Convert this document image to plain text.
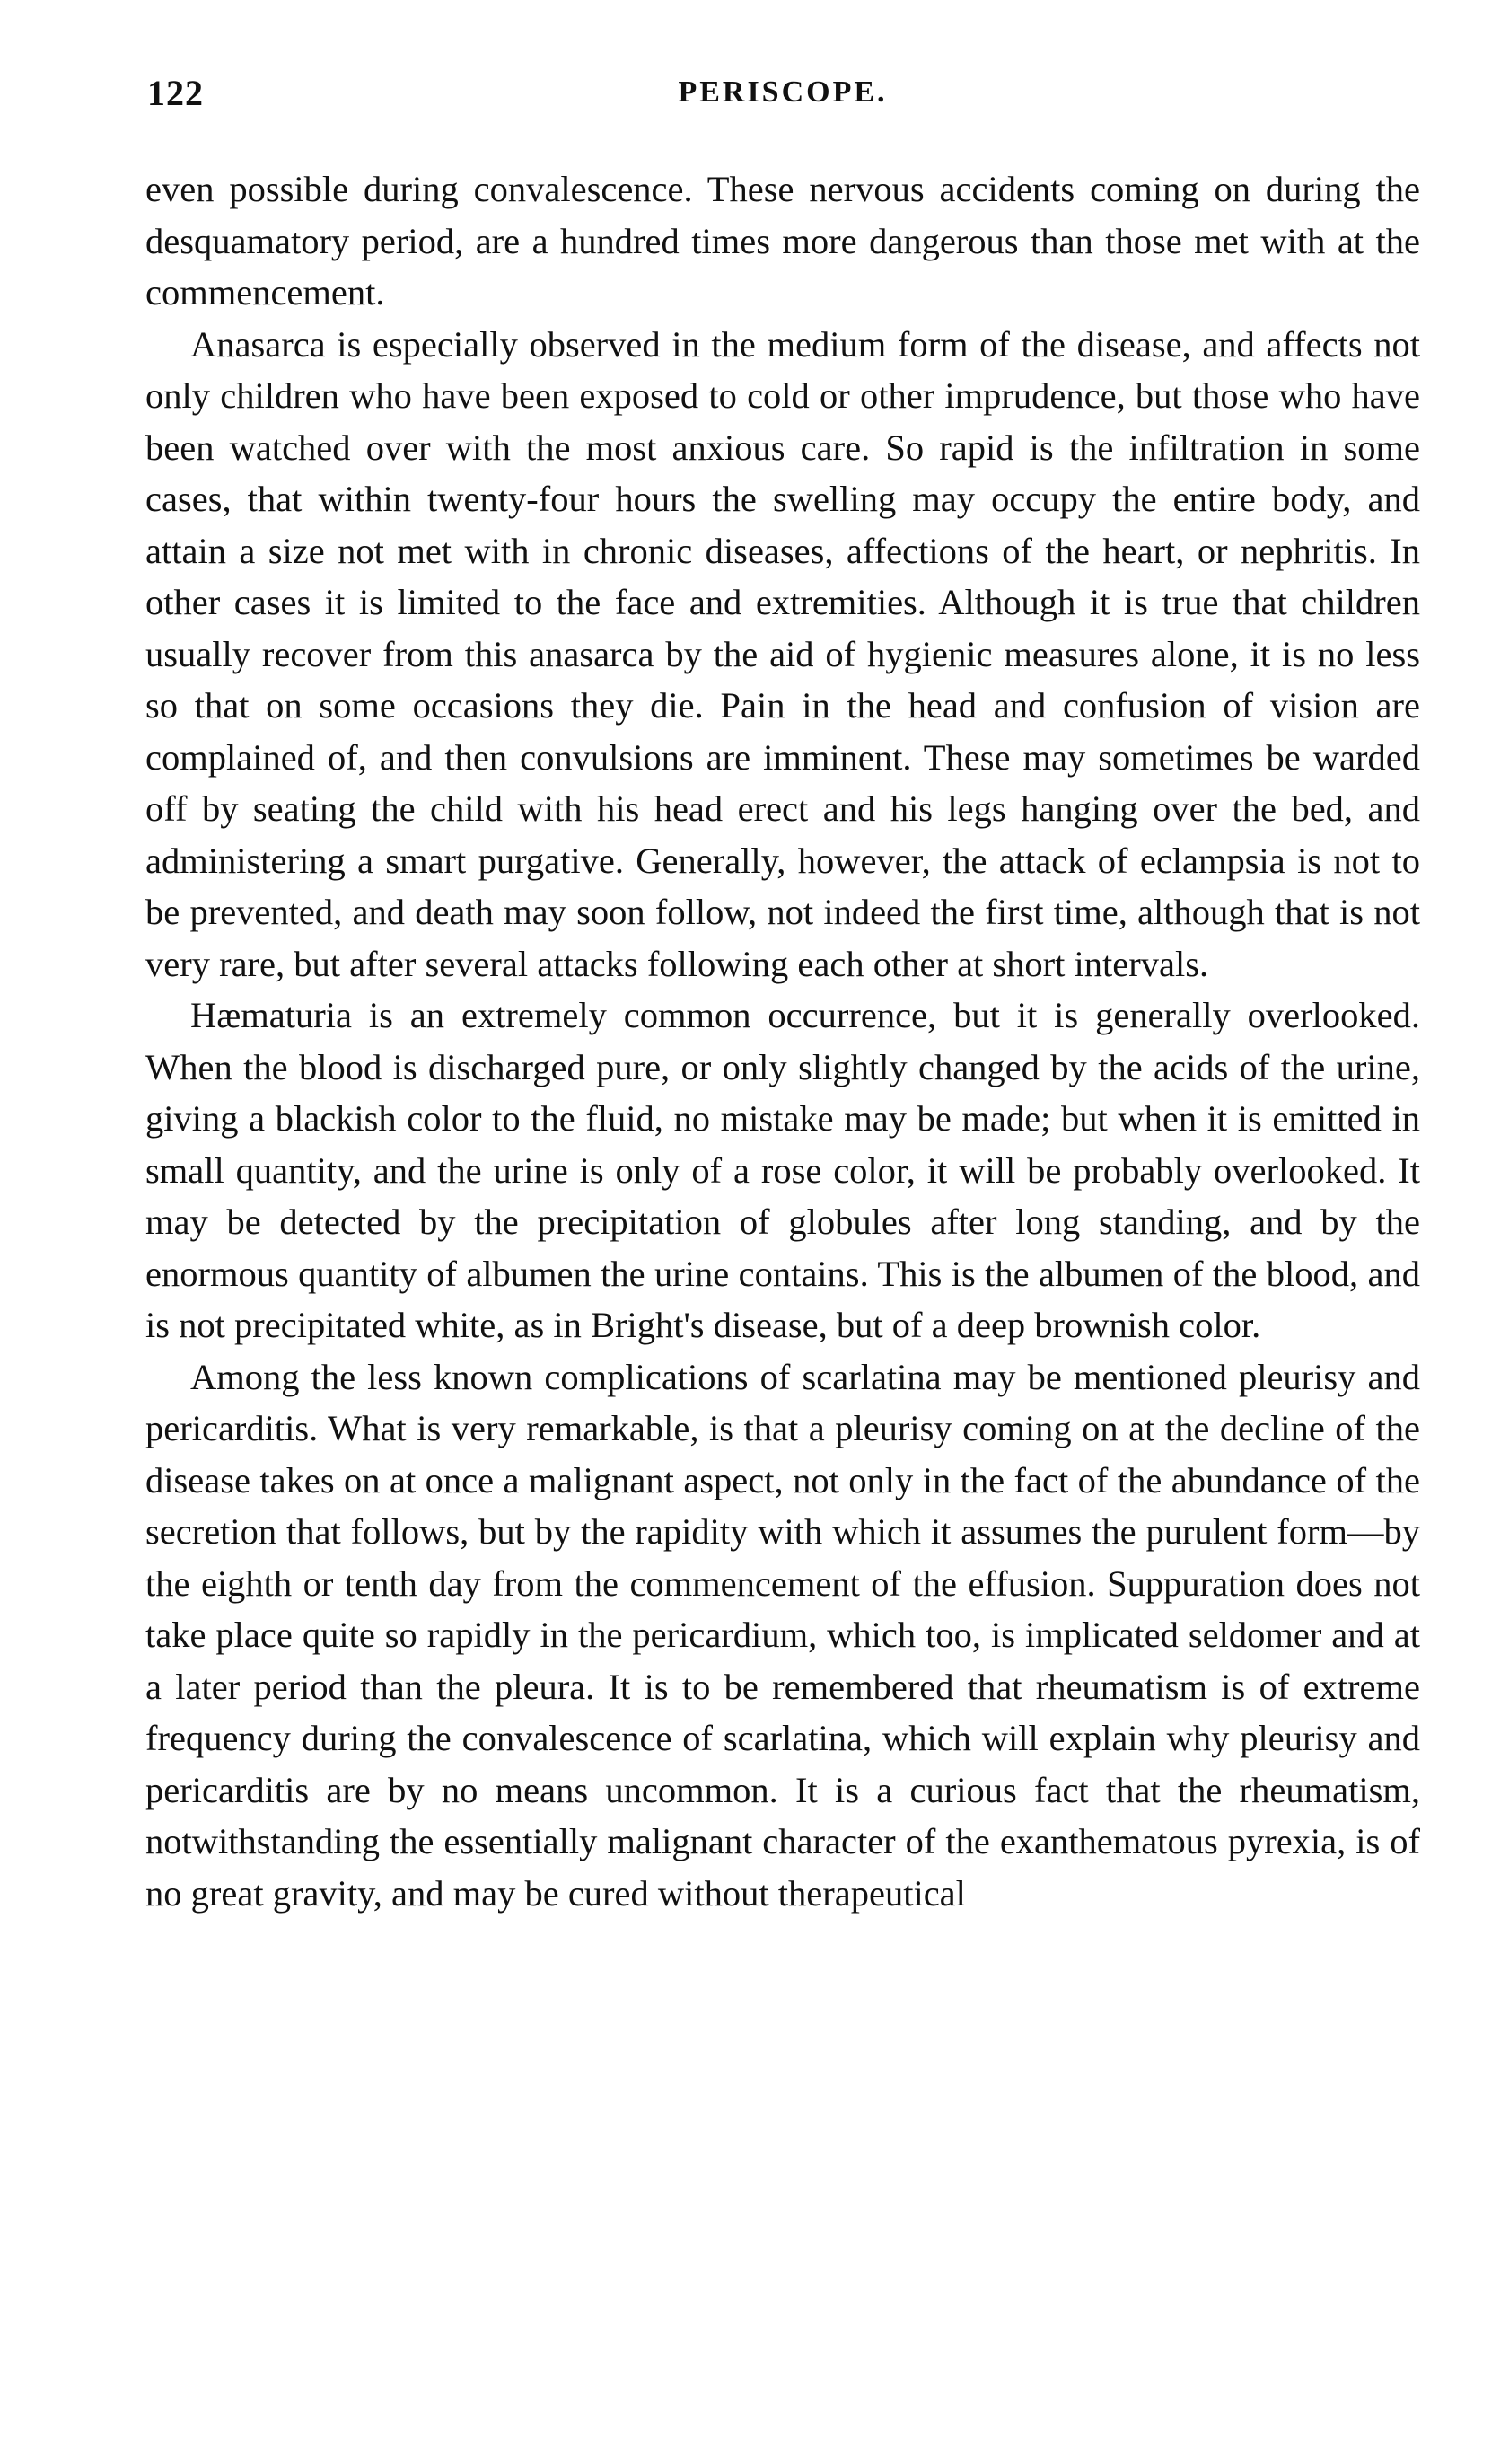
122	PERISCOPE.

even possible during convalescence. These nervous accidents coming on during the desquamatory period, are a hundred times more dangerous than those met with at the commencement.

Anasarca is especially observed in the medium form of the disease, and affects not only children who have been exposed to cold or other imprudence, but those who have been watched over with the most anxious care. So rapid is the infiltration in some cases, that within twenty-four hours the swelling may occupy the entire body, and attain a size not met with in chronic diseases, affections of the heart, or nephritis. In other cases it is limited to the face and extremities. Although it is true that children usually recover from this anasarca by the aid of hygienic measures alone, it is no less so that on some occasions they die. Pain in the head and confusion of vision are complained of, and then convulsions are imminent. These may sometimes be warded off by seating the child with his head erect and his legs hanging over the bed, and administering a smart purgative. Generally, however, the attack of eclampsia is not to be prevented, and death may soon follow, not indeed the first time, although that is not very rare, but after several attacks following each other at short intervals.

Hæmaturia is an extremely common occurrence, but it is generally overlooked. When the blood is discharged pure, or only slightly changed by the acids of the urine, giving a blackish color to the fluid, no mistake may be made; but when it is emitted in small quantity, and the urine is only of a rose color, it will be probably overlooked. It may be detected by the precipitation of globules after long standing, and by the enormous quantity of albumen the urine contains. This is the albumen of the blood, and is not precipitated white, as in Bright's disease, but of a deep brownish color.

Among the less known complications of scarlatina may be mentioned pleurisy and pericarditis. What is very remarkable, is that a pleurisy coming on at the decline of the disease takes on at once a malignant aspect, not only in the fact of the abundance of the secretion that follows, but by the rapidity with which it assumes the purulent form—by the eighth or tenth day from the commencement of the effusion. Suppuration does not take place quite so rapidly in the pericardium, which too, is implicated seldomer and at a later period than the pleura. It is to be remembered that rheumatism is of extreme frequency during the convalescence of scarlatina, which will explain why pleurisy and pericarditis are by no means uncommon. It is a curious fact that the rheumatism, notwithstanding the essentially malignant character of the exanthematous pyrexia, is of no great gravity, and may be cured without therapeutical
